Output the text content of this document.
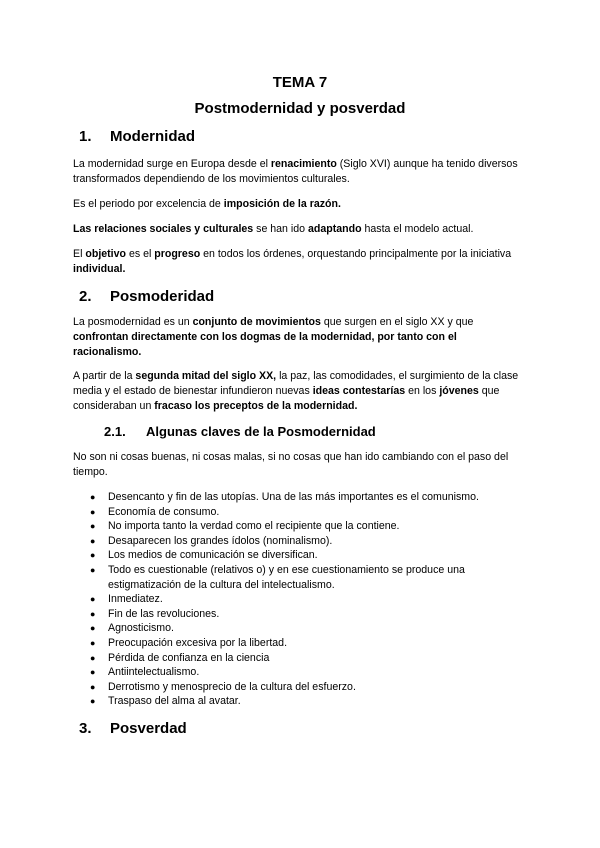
TEMA 7
Postmodernidad y posverdad
1. Modernidad
La modernidad surge en Europa desde el renacimiento (Siglo XVI) aunque ha tenido diversos transformados dependiendo de los movimientos culturales.
Es el periodo por excelencia de imposición de la razón.
Las relaciones sociales y culturales se han ido adaptando hasta el modelo actual.
El objetivo es el progreso en todos los órdenes, orquestando principalmente por la iniciativa individual.
2. Posmoderidad
La posmodernidad es un conjunto de movimientos que surgen en el siglo XX y que confrontan directamente con los dogmas de la modernidad, por tanto con el racionalismo.
A partir de la segunda mitad del siglo XX, la paz, las comodidades, el surgimiento de la clase media y el estado de bienestar infundieron nuevas ideas contestarías en los jóvenes que consideraban un fracaso los preceptos de la modernidad.
2.1. Algunas claves de la Posmodernidad
No son ni cosas buenas, ni cosas malas, si no cosas que han ido cambiando con el paso del tiempo.
● Desencanto y fin de las utopías. Una de las más importantes es el comunismo.
● Economía de consumo.
● No importa tanto la verdad como el recipiente que la contiene.
● Desaparecen los grandes ídolos (nominalismo).
● Los medios de comunicación se diversifican.
● Todo es cuestionable (relativos o) y en ese cuestionamiento se produce una estigmatización de la cultura del intelectualismo.
● Inmediatez.
● Fin de las revoluciones.
● Agnosticismo.
● Preocupación excesiva por la libertad.
● Pérdida de confianza en la ciencia
● Antiintelectualismo.
● Derrotismo y menosprecio de la cultura del esfuerzo.
● Traspaso del alma al avatar.
3. Posverdad
